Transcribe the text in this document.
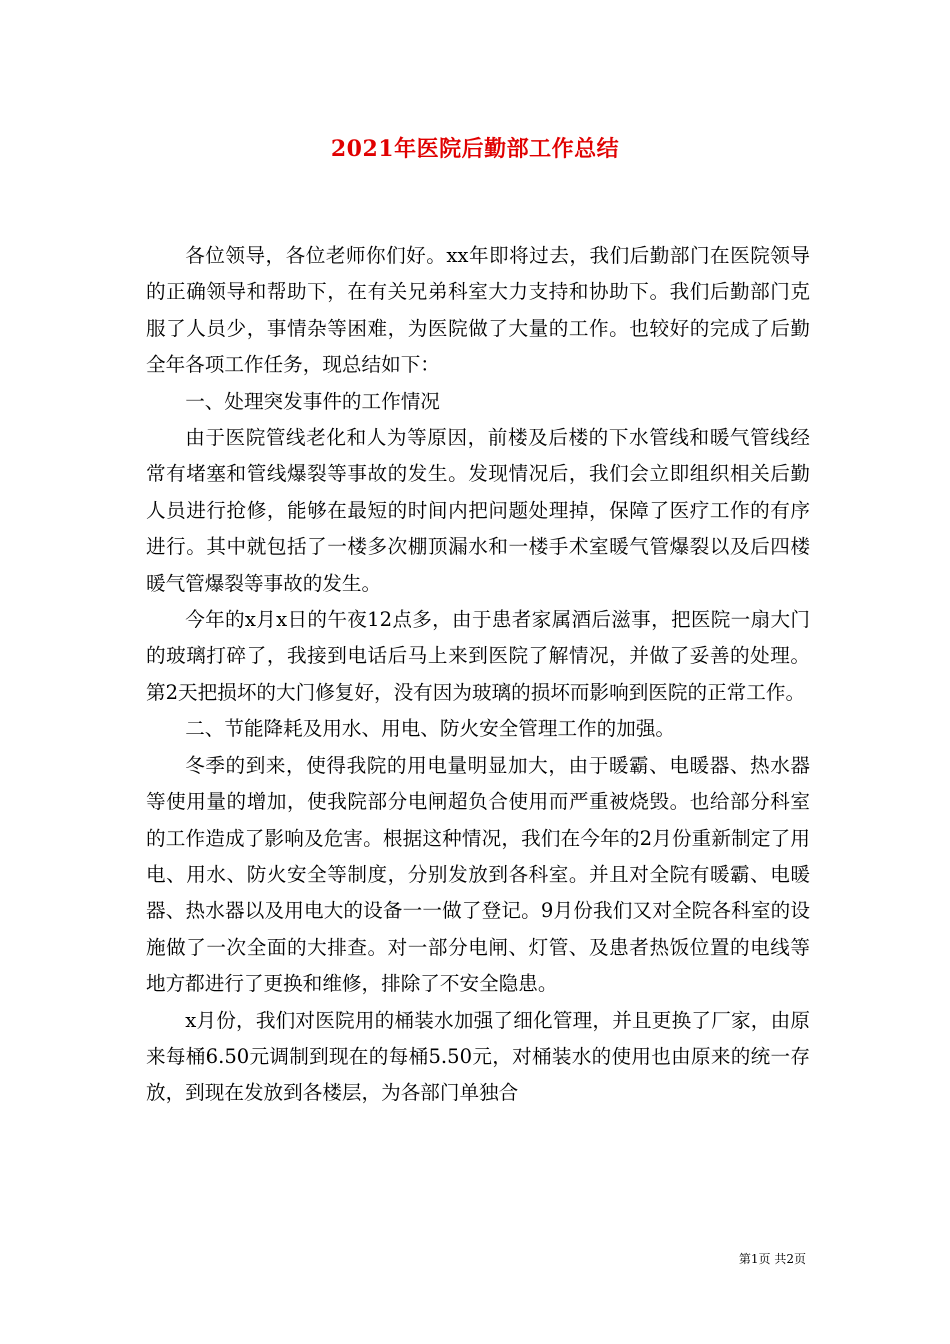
2021年医院后勤部工作总结

各位领导，各位老师你们好。xx年即将过去，我们后勤部门在医院领导的正确领导和帮助下，在有关兄弟科室大力支持和协助下。我们后勤部门克服了人员少，事情杂等困难，为医院做了大量的工作。也较好的完成了后勤全年各项工作任务，现总结如下：

一、处理突发事件的工作情况

由于医院管线老化和人为等原因，前楼及后楼的下水管线和暖气管线经常有堵塞和管线爆裂等事故的发生。发现情况后，我们会立即组织相关后勤人员进行抢修，能够在最短的时间内把问题处理掉，保障了医疗工作的有序进行。其中就包括了一楼多次棚顶漏水和一楼手术室暖气管爆裂以及后四楼暖气管爆裂等事故的发生。

今年的x月x日的午夜12点多，由于患者家属酒后滋事，把医院一扇大门的玻璃打碎了，我接到电话后马上来到医院了解情况，并做了妥善的处理。第2天把损坏的大门修复好，没有因为玻璃的损坏而影响到医院的正常工作。

二、节能降耗及用水、用电、防火安全管理工作的加强。

冬季的到来，使得我院的用电量明显加大，由于暖霸、电暖器、热水器等使用量的增加，使我院部分电闸超负合使用而严重被烧毁。也给部分科室的工作造成了影响及危害。根据这种情况，我们在今年的2月份重新制定了用电、用水、防火安全等制度，分别发放到各科室。并且对全院有暖霸、电暖器、热水器以及用电大的设备一一做了登记。9月份我们又对全院各科室的设施做了一次全面的大排查。对一部分电闸、灯管、及患者热饭位置的电线等地方都进行了更换和维修，排除了不安全隐患。

x月份，我们对医院用的桶装水加强了细化管理，并且更换了厂家，由原来每桶6.50元调制到现在的每桶5.50元，对桶装水的使用也由原来的统一存放，到现在发放到各楼层，为各部门单独合

第1页 共2页
